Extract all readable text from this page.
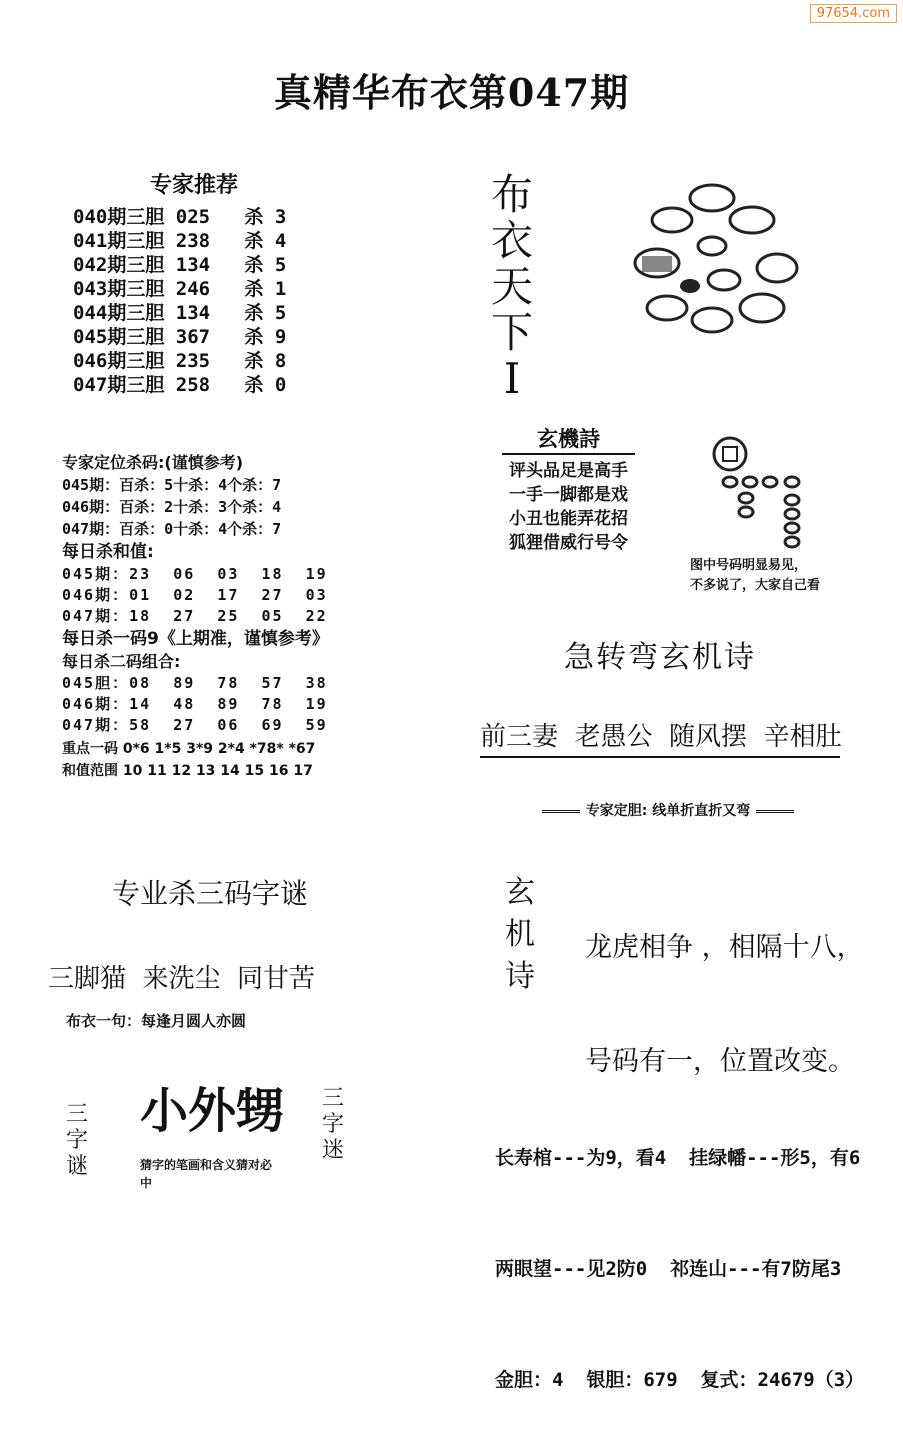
97654.com
真精华布衣第047期
专家推荐
040期三胆 025   杀 3
041期三胆 238   杀 4
042期三胆 134   杀 5
043期三胆 246   杀 1
044期三胆 134   杀 5
045期三胆 367   杀 9
046期三胆 235   杀 8
047期三胆 258   杀 0
专家定位杀码:(谨慎参考)
045期：百杀：5十杀：4个杀：7
046期：百杀：2十杀：3个杀：4
047期：百杀：0十杀：4个杀：7
每日杀和值:
045期：23  06  03  18  19
046期：01  02  17  27  03
047期：18  27  25  05  22
每日杀一码9《上期准，谨慎参考》
每日杀二码组合:
045胆：08  89  78  57  38
046期：14  48  89  78  19
047期：58  27  06  69  59
重点一码 0*6 1*5 3*9 2*4 *78* *67
和值范围 10 11 12 13 14 15 16 17
专业杀三码字谜
三脚猫  来洗尘  同甘苦
布衣一句：每逢月圆人亦圆
三
字
谜
小外甥
猜字的笔画和含义猜对必中
三
字
迷
布
衣
天
下
I
玄機詩
评头品足是高手
一手一脚都是戏
小丑也能弄花招
狐狸借威行号令
图中号码明显易见，
不多说了，大家自己看
急转弯玄机诗
前三妻  老愚公  随风摆  辛相肚
专家定胆: 线单折直折又弯
玄
机
诗

龙虎相争 ，相隔十八，

号码有一，位置改变。

长寿棺---为9，看4  挂绿幡---形5，有6

两眼望---见2防0  祁连山---有7防尾3

金胆：4  银胆：679  复式：24679（3）
